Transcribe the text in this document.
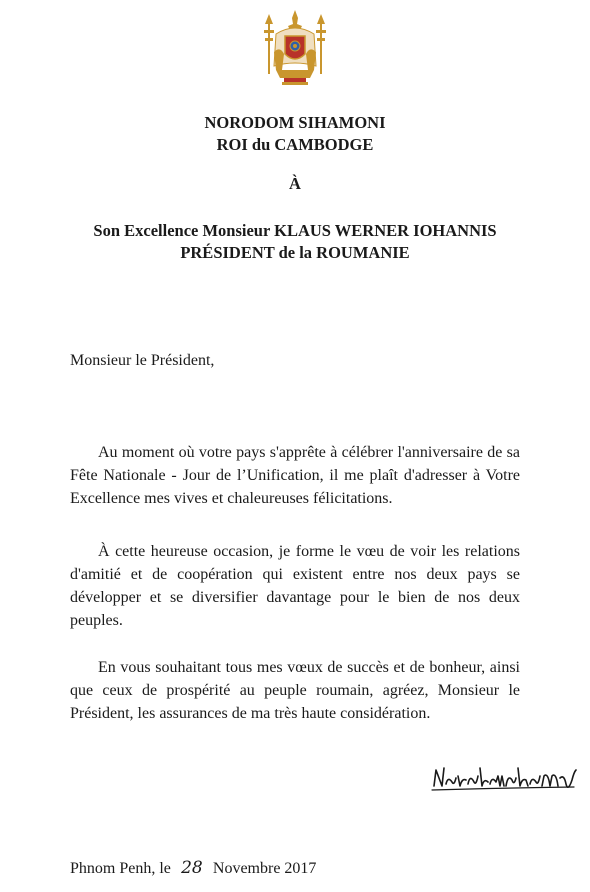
NORODOM SIHAMONI
ROI du CAMBODGE
À
Son Excellence Monsieur KLAUS WERNER IOHANNIS
PRÉSIDENT de la ROUMANIE
Monsieur le Président,

Au moment où votre pays s'apprête à célébrer l'anniversaire de sa Fête Nationale - Jour de l’Unification, il me plaît d'adresser à Votre Excellence mes vives et chaleureuses félicitations.

À cette heureuse occasion, je forme le vœu de voir les relations d'amitié et de coopération qui existent entre nos deux pays se développer et se diversifier davantage pour le bien de nos deux peuples.

En vous souhaitant tous mes vœux de succès et de bonheur, ainsi que ceux de prospérité au peuple roumain, agréez, Monsieur le Président, les assurances de ma très haute considération.

Phnom Penh, le 28 Novembre 2017
